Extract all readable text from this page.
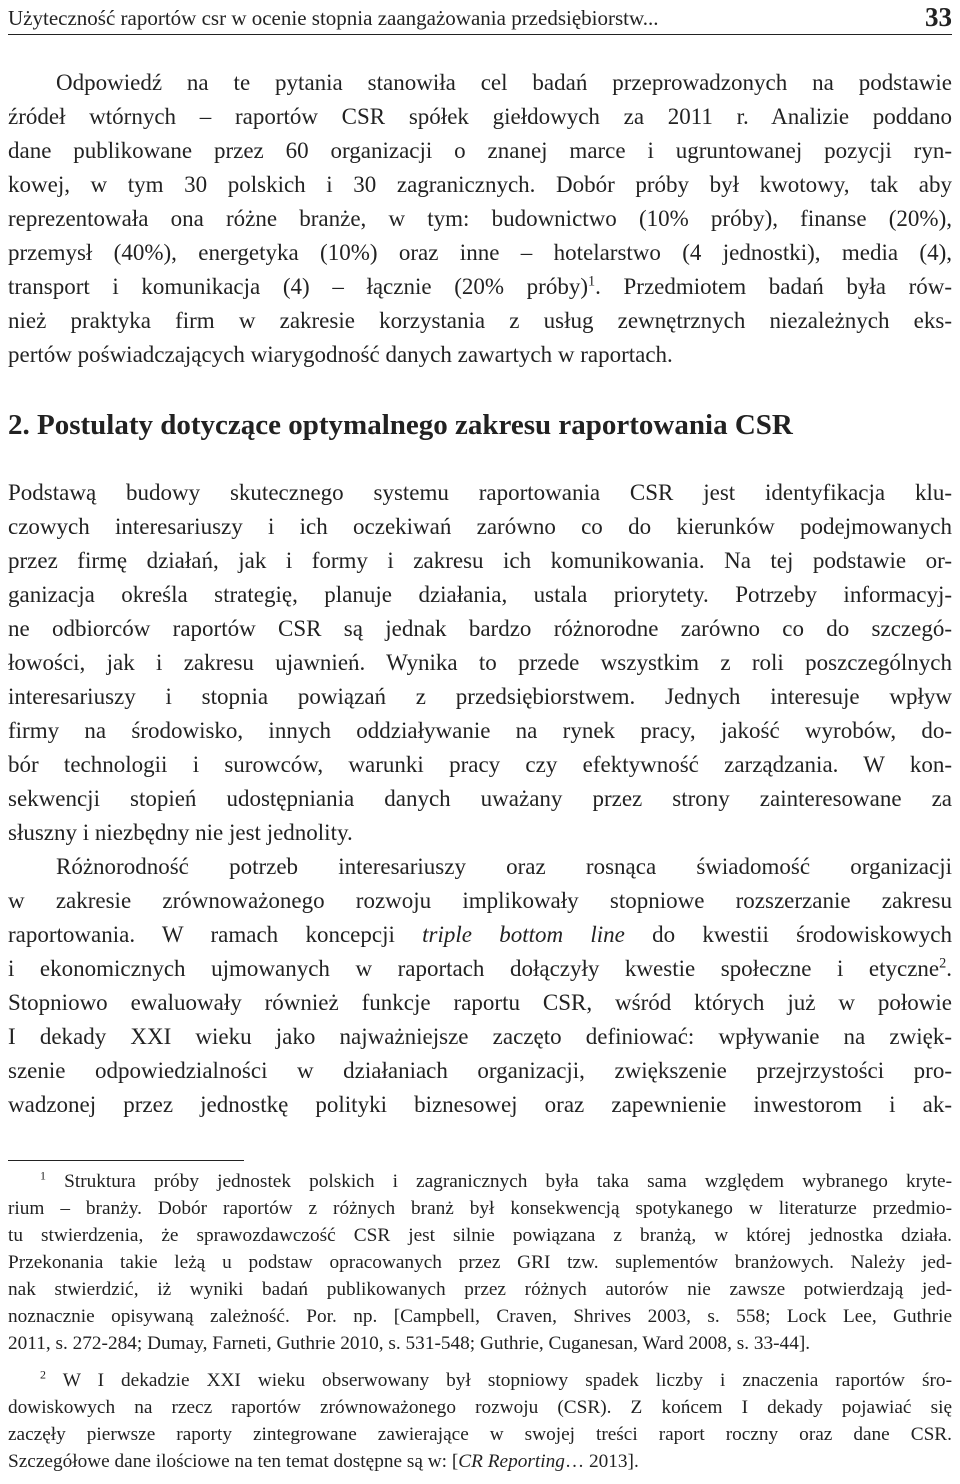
Użyteczność raportów csr w ocenie stopnia zaangażowania przedsiębiorstw...	33
Odpowiedź na te pytania stanowiła cel badań przeprowadzonych na podstawie
źródeł wtórnych – raportów CSR spółek giełdowych za 2011 r. Analizie poddano
dane publikowane przez 60 organizacji o znanej marce i ugruntowanej pozycji ryn-
kowej, w tym 30 polskich i 30 zagranicznych. Dobór próby był kwotowy, tak aby
reprezentowała ona różne branże, w tym: budownictwo (10% próby), finanse (20%),
przemysł (40%), energetyka (10%) oraz inne – hotelarstwo (4 jednostki), media (4),
transport i komunikacja (4) – łącznie (20% próby)$^1$. Przedmiotem badań była rów-
nież praktyka firm w zakresie korzystania z usług zewnętrznych niezależnych eks-
pertów poświadczających wiarygodność danych zawartych w raportach.
2. Postulaty dotyczące optymalnego zakresu raportowania CSR
Podstawą budowy skutecznego systemu raportowania CSR jest identyfikacja klu-
czowych interesariuszy i ich oczekiwań zarówno co do kierunków podejmowanych
przez firmę działań, jak i formy i zakresu ich komunikowania. Na tej podstawie or-
ganizacja określa strategię, planuje działania, ustala priorytety. Potrzeby informacyj-
ne odbiorców raportów CSR są jednak bardzo różnorodne zarówno co do szczegó-
łowości, jak i zakresu ujawnień. Wynika to przede wszystkim z roli poszczególnych
interesariuszy i stopnia powiązań z przedsiębiorstwem. Jednych interesuje wpływ
firmy na środowisko, innych oddziaływanie na rynek pracy, jakość wyrobów, do-
bór technologii i surowców, warunki pracy czy efektywność zarządzania. W kon-
sekwencji stopień udostępniania danych uważany przez strony zainteresowane za
słuszny i niezbędny nie jest jednolity.
Różnorodność potrzeb interesariuszy oraz rosnąca świadomość organizacji
w zakresie zrównoważonego rozwoju implikowały stopniowe rozszerzanie zakresu
raportowania. W ramach koncepcji triple bottom line do kwestii środowiskowych
i ekonomicznych ujmowanych w raportach dołączyły kwestie społeczne i etyczne$^2$.
Stopniowo ewaluowały również funkcje raportu CSR, wśród których już w połowie
I dekady XXI wieku jako najważniejsze zaczęto definiować: wpływanie na zwięk-
szenie odpowiedzialności w działaniach organizacji, zwiększenie przejrzystości pro-
wadzonej przez jednostkę polityki biznesowej oraz zapewnienie inwestorom i ak-
$^1$ Struktura próby jednostek polskich i zagranicznych była taka sama względem wybranego kryte-
rium – branży. Dobór raportów z różnych branż był konsekwencją spotykanego w literaturze przedmio-
tu stwierdzenia, że sprawozdawczość CSR jest silnie powiązana z branżą, w której jednostka działa.
Przekonania takie leżą u podstaw opracowanych przez GRI tzw. suplementów branżowych. Należy jed-
nak stwierdzić, iż wyniki badań publikowanych przez różnych autorów nie zawsze potwierdzają jed-
noznacznie opisywaną zależność. Por. np. [Campbell, Craven, Shrives 2003, s. 558; Lock Lee, Guthrie
2011, s. 272-284; Dumay, Farneti, Guthrie 2010, s. 531-548; Guthrie, Cuganesan, Ward 2008, s. 33-44].
$^2$ W I dekadzie XXI wieku obserwowany był stopniowy spadek liczby i znaczenia raportów śro-
dowiskowych na rzecz raportów zrównoważonego rozwoju (CSR). Z końcem I dekady pojawiać się
zaczęły pierwsze raporty zintegrowane zawierające w swojej treści raport roczny oraz dane CSR.
Szczegółowe dane ilościowe na ten temat dostępne są w: [CR Reporting… 2013].
